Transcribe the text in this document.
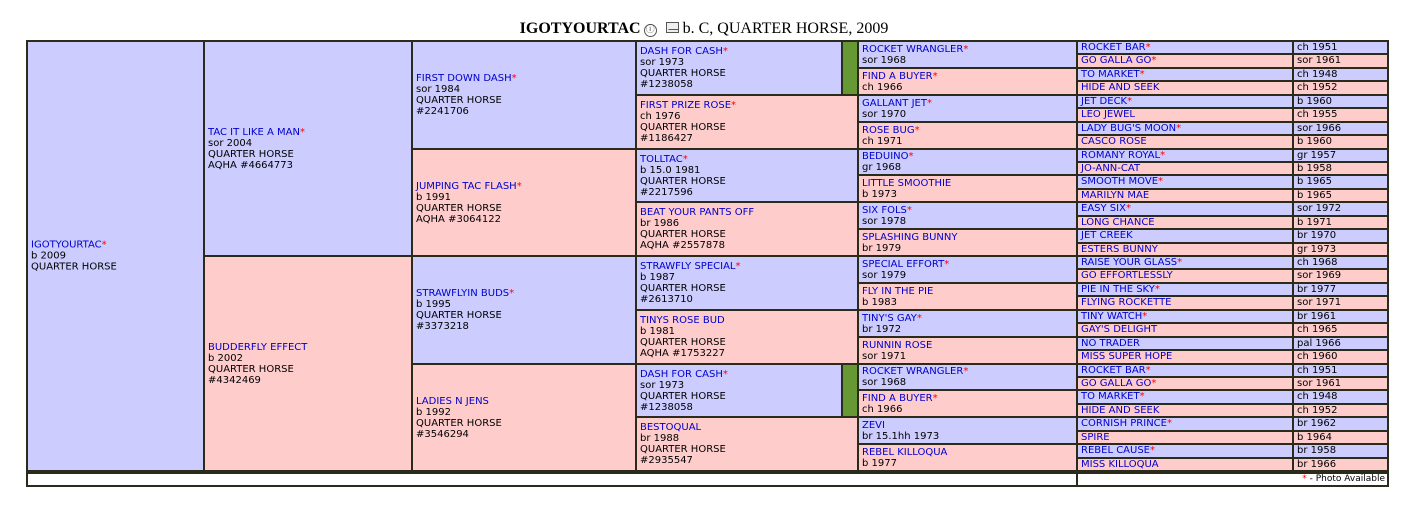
IGOTYOURTAC ⓘ b. C, QUARTER HORSE, 2009
IGOTYOURTAC*
b 2009
QUARTER HORSE
TAC IT LIKE A MAN*
sor 2004
QUARTER HORSE
AQHA #4664773
BUDDERFLY EFFECT
b 2002
QUARTER HORSE
#4342469
FIRST DOWN DASH*
sor 1984
QUARTER HORSE
#2241706
JUMPING TAC FLASH*
b 1991
QUARTER HORSE
AQHA #3064122
STRAWFLYIN BUDS*
b 1995
QUARTER HORSE
#3373218
LADIES N JENS
b 1992
QUARTER HORSE
#3546294
DASH FOR CASH*
sor 1973
QUARTER HORSE
#1238058
FIRST PRIZE ROSE*
ch 1976
QUARTER HORSE
#1186427
TOLLTAC*
b 15.0 1981
QUARTER HORSE
#2217596
BEAT YOUR PANTS OFF
br 1986
QUARTER HORSE
AQHA #2557878
STRAWFLY SPECIAL*
b 1987
QUARTER HORSE
#2613710
TINYS ROSE BUD
b 1981
QUARTER HORSE
AQHA #1753227
DASH FOR CASH*
sor 1973
QUARTER HORSE
#1238058
BESTOQUAL
br 1988
QUARTER HORSE
#2935547
ROCKET WRANGLER*
sor 1968
FIND A BUYER*
ch 1966
GALLANT JET*
sor 1970
ROSE BUG*
ch 1971
BEDUINO*
gr 1968
LITTLE SMOOTHIE
b 1973
SIX FOLS*
sor 1978
SPLASHING BUNNY
br 1979
SPECIAL EFFORT*
sor 1979
FLY IN THE PIE
b 1983
TINY'S GAY*
br 1972
RUNNIN ROSE
sor 1971
ROCKET WRANGLER*
sor 1968
FIND A BUYER*
ch 1966
ZEVI
br 15.1hh 1973
REBEL KILLOQUA
b 1977
ROCKET BAR*	ch 1951
GO GALLA GO*	sor 1961
TO MARKET*	ch 1948
HIDE AND SEEK	ch 1952
JET DECK*	b 1960
LEO JEWEL	ch 1955
LADY BUG'S MOON*	sor 1966
CASCO ROSE	b 1960
ROMANY ROYAL*	gr 1957
JO-ANN-CAT	b 1958
SMOOTH MOVE*	b 1965
MARILYN MAE	b 1965
EASY SIX*	sor 1972
LONG CHANCE	b 1971
JET CREEK	br 1970
ESTERS BUNNY	gr 1973
RAISE YOUR GLASS*	ch 1968
GO EFFORTLESSLY	sor 1969
PIE IN THE SKY*	br 1977
FLYING ROCKETTE	sor 1971
TINY WATCH*	br 1961
GAY'S DELIGHT	ch 1965
NO TRADER	pal 1966
MISS SUPER HOPE	ch 1960
ROCKET BAR*	ch 1951
GO GALLA GO*	sor 1961
TO MARKET*	ch 1948
HIDE AND SEEK	ch 1952
CORNISH PRINCE*	br 1962
SPIRE	b 1964
REBEL CAUSE*	br 1958
MISS KILLOQUA	br 1966
* - Photo Available
